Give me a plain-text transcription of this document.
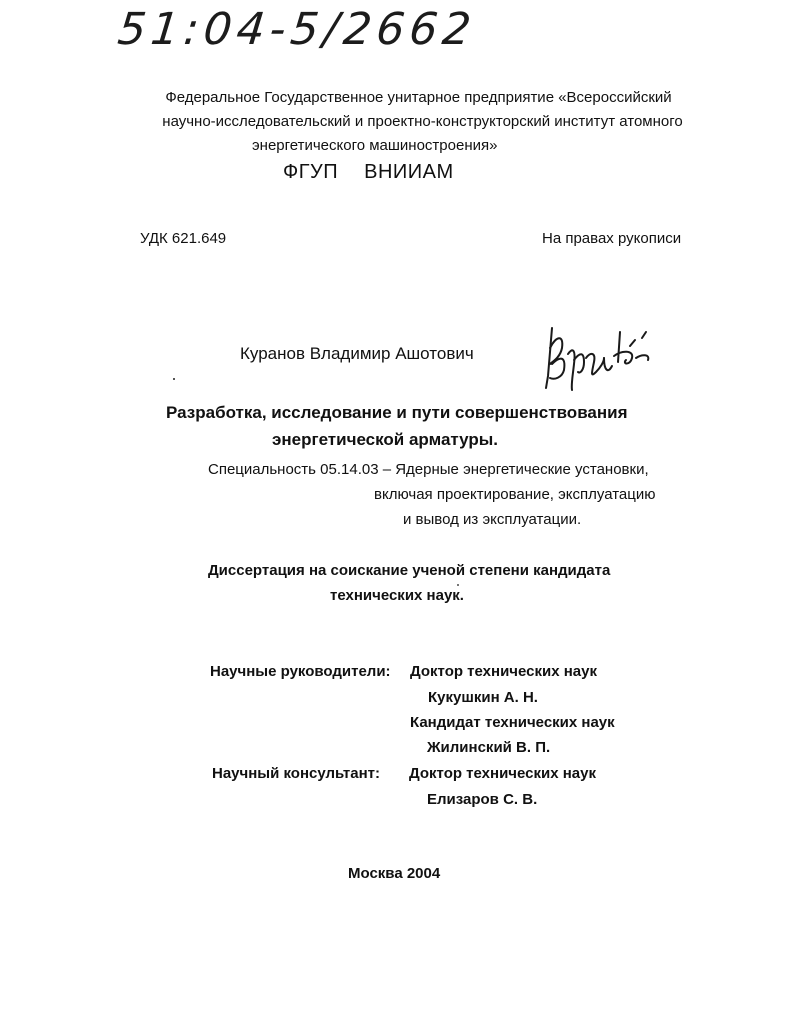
51:04-5/2662
Федеральное Государственное унитарное предприятие «Всероссийский
научно-исследовательский и проектно-конструкторский институт атомного
энергетического машиностроения»
ФГУП ВНИИАМ
УДК 621.649	На правах рукописи
Куранов Владимир Ашотович
Разработка, исследование и пути совершенствования
энергетической арматуры.
Специальность 05.14.03 – Ядерные энергетические установки,
включая проектирование, эксплуатацию
и вывод из эксплуатации.
Диссертация на соискание ученой степени кандидата
технических наук.
Научные руководители: Доктор технических наук
Кукушкин А. Н.
Кандидат технических наук
Жилинский В. П.
Научный консультант: Доктор технических наук
Елизаров С. В.
Москва 2004
